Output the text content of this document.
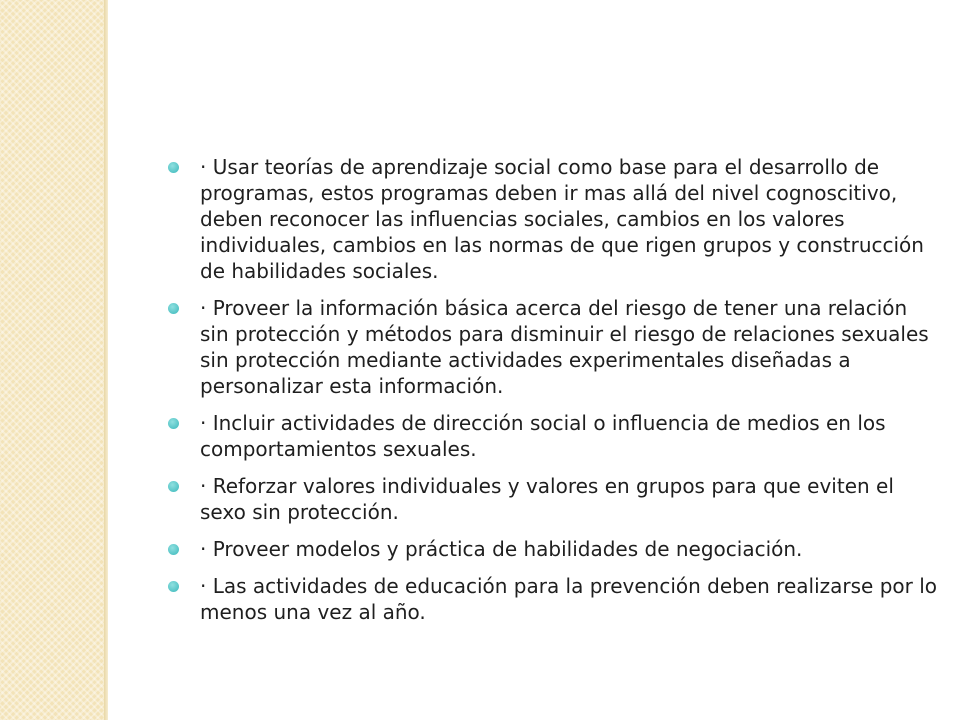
· Usar teorías de aprendizaje social como base para el desarrollo de programas, estos programas deben ir mas allá del nivel cognoscitivo, deben reconocer las influencias sociales, cambios en los valores individuales, cambios en las normas de que rigen grupos y construcción de habilidades sociales.
· Proveer la información básica acerca del riesgo de tener una relación sin protección y métodos para disminuir el riesgo de relaciones sexuales sin protección mediante actividades experimentales diseñadas a personalizar esta información.
· Incluir actividades de dirección social o influencia de medios en los comportamientos sexuales.
· Reforzar valores individuales y valores en grupos para que eviten el sexo sin protección.
· Proveer modelos y práctica de habilidades de negociación.
· Las actividades de educación para la prevención deben realizarse por lo menos una vez al año.
